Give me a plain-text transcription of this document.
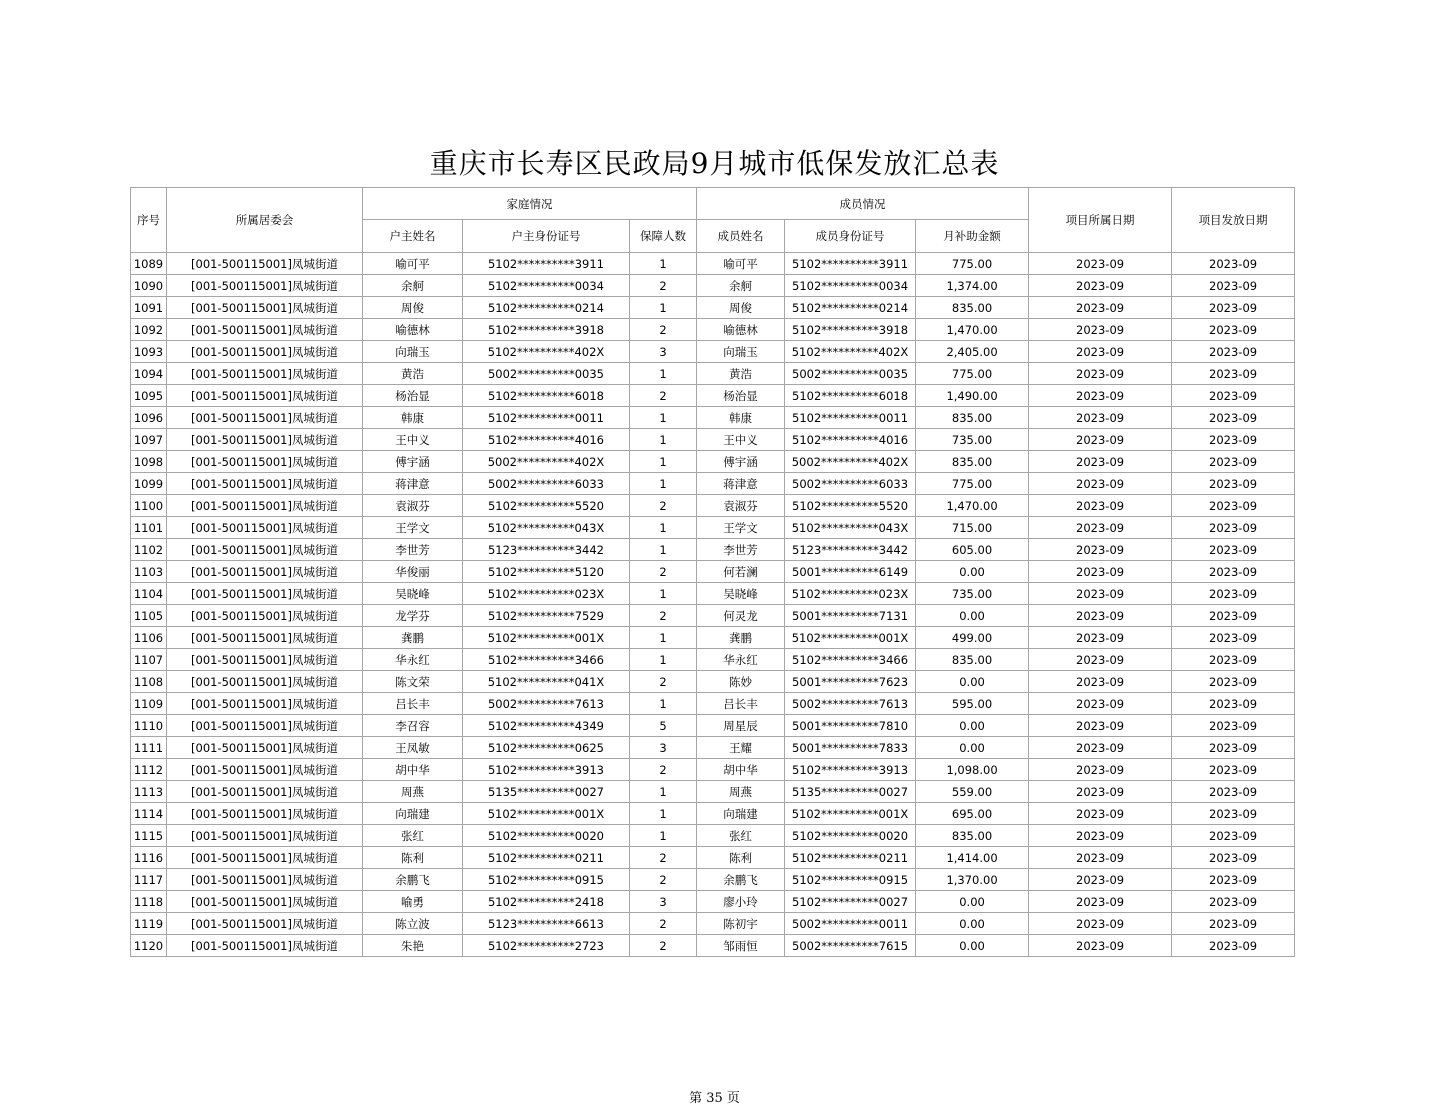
重庆市长寿区民政局9月城市低保发放汇总表
序号	所属居委会	家庭情况			成员情况			项目所属日期	项目发放日期
		户主姓名	户主身份证号	保障人数	成员姓名	成员身份证号	月补助金额		
1089	[001-500115001]凤城街道	喻可平	5102**********3911	1	喻可平	5102**********3911	775.00	2023-09	2023-09
1090	[001-500115001]凤城街道	余舸	5102**********0034	2	余舸	5102**********0034	1,374.00	2023-09	2023-09
1091	[001-500115001]凤城街道	周俊	5102**********0214	1	周俊	5102**********0214	835.00	2023-09	2023-09
1092	[001-500115001]凤城街道	喻德林	5102**********3918	2	喻德林	5102**********3918	1,470.00	2023-09	2023-09
1093	[001-500115001]凤城街道	向瑞玉	5102**********402X	3	向瑞玉	5102**********402X	2,405.00	2023-09	2023-09
1094	[001-500115001]凤城街道	黄浩	5002**********0035	1	黄浩	5002**********0035	775.00	2023-09	2023-09
1095	[001-500115001]凤城街道	杨治显	5102**********6018	2	杨治显	5102**********6018	1,490.00	2023-09	2023-09
1096	[001-500115001]凤城街道	韩康	5102**********0011	1	韩康	5102**********0011	835.00	2023-09	2023-09
1097	[001-500115001]凤城街道	王中义	5102**********4016	1	王中义	5102**********4016	735.00	2023-09	2023-09
1098	[001-500115001]凤城街道	傅宇涵	5002**********402X	1	傅宇涵	5002**********402X	835.00	2023-09	2023-09
1099	[001-500115001]凤城街道	蒋津意	5002**********6033	1	蒋津意	5002**********6033	775.00	2023-09	2023-09
1100	[001-500115001]凤城街道	袁淑芬	5102**********5520	2	袁淑芬	5102**********5520	1,470.00	2023-09	2023-09
1101	[001-500115001]凤城街道	王学文	5102**********043X	1	王学文	5102**********043X	715.00	2023-09	2023-09
1102	[001-500115001]凤城街道	李世芳	5123**********3442	1	李世芳	5123**********3442	605.00	2023-09	2023-09
1103	[001-500115001]凤城街道	华俊丽	5102**********5120	2	何若澜	5001**********6149	0.00	2023-09	2023-09
1104	[001-500115001]凤城街道	吴晓峰	5102**********023X	1	吴晓峰	5102**********023X	735.00	2023-09	2023-09
1105	[001-500115001]凤城街道	龙学芬	5102**********7529	2	何灵龙	5001**********7131	0.00	2023-09	2023-09
1106	[001-500115001]凤城街道	龚鹏	5102**********001X	1	龚鹏	5102**********001X	499.00	2023-09	2023-09
1107	[001-500115001]凤城街道	华永红	5102**********3466	1	华永红	5102**********3466	835.00	2023-09	2023-09
1108	[001-500115001]凤城街道	陈文荣	5102**********041X	2	陈妙	5001**********7623	0.00	2023-09	2023-09
1109	[001-500115001]凤城街道	吕长丰	5002**********7613	1	吕长丰	5002**********7613	595.00	2023-09	2023-09
1110	[001-500115001]凤城街道	李召容	5102**********4349	5	周星辰	5001**********7810	0.00	2023-09	2023-09
1111	[001-500115001]凤城街道	王凤敏	5102**********0625	3	王耀	5001**********7833	0.00	2023-09	2023-09
1112	[001-500115001]凤城街道	胡中华	5102**********3913	2	胡中华	5102**********3913	1,098.00	2023-09	2023-09
1113	[001-500115001]凤城街道	周燕	5135**********0027	1	周燕	5135**********0027	559.00	2023-09	2023-09
1114	[001-500115001]凤城街道	向瑞建	5102**********001X	1	向瑞建	5102**********001X	695.00	2023-09	2023-09
1115	[001-500115001]凤城街道	张红	5102**********0020	1	张红	5102**********0020	835.00	2023-09	2023-09
1116	[001-500115001]凤城街道	陈利	5102**********0211	2	陈利	5102**********0211	1,414.00	2023-09	2023-09
1117	[001-500115001]凤城街道	余鹏飞	5102**********0915	2	余鹏飞	5102**********0915	1,370.00	2023-09	2023-09
1118	[001-500115001]凤城街道	喻勇	5102**********2418	3	廖小玲	5102**********0027	0.00	2023-09	2023-09
1119	[001-500115001]凤城街道	陈立波	5123**********6613	2	陈初宇	5002**********0011	0.00	2023-09	2023-09
1120	[001-500115001]凤城街道	朱艳	5102**********2723	2	邹雨恒	5002**********7615	0.00	2023-09	2023-09
第 35 页
